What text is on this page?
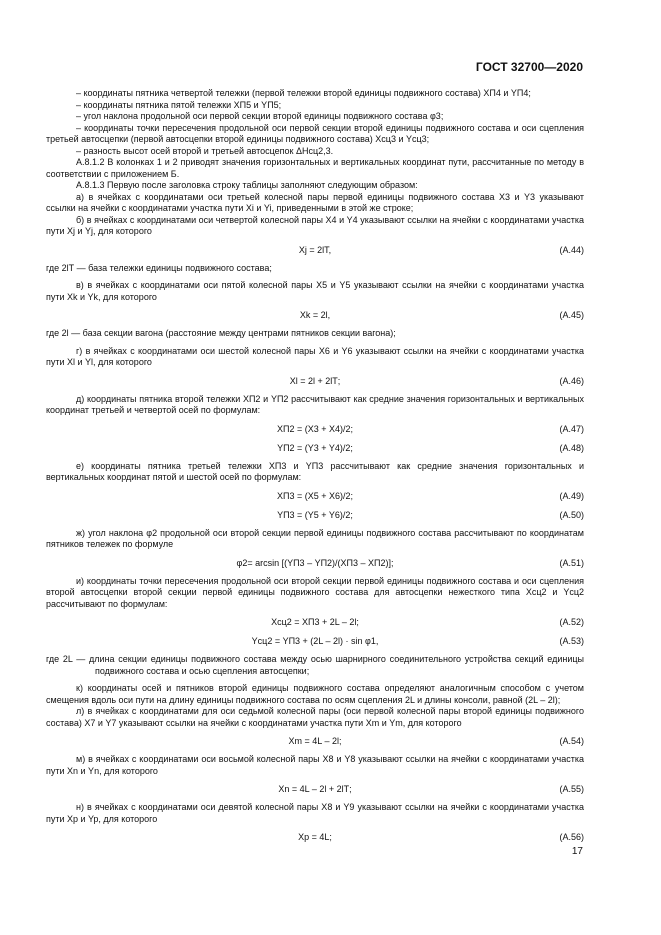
ГОСТ 32700—2020

– координаты пятника четвертой тележки (первой тележки второй единицы подвижного состава) XП4 и YП4;

– координаты пятника пятой тележки XП5 и YП5;

– угол наклона продольной оси первой секции второй единицы подвижного состава φ3;

– координаты точки пересечения продольной оси первой секции второй единицы подвижного состава и оси сцепления третьей автосцепки (первой автосцепки второй единицы подвижного состава) Xсц3 и Yсц3;

– разность высот осей второй и третьей автосцепок ΔHсц2,3.

А.8.1.2 В колонках 1 и 2 приводят значения горизонтальных и вертикальных координат пути, рассчитанные по методу в соответствии с приложением Б.

А.8.1.3 Первую после заголовка строку таблицы заполняют следующим образом:

а) в ячейках с координатами оси третьей колесной пары первой единицы подвижного состава X3 и Y3 указывают ссылки на ячейки с координатами участка пути Xi и Yi, приведенными в этой же строке;

б) в ячейках с координатами оси четвертой колесной пары X4 и Y4 указывают ссылки на ячейки с координатами участка пути Xj и Yj, для которого

Xj = 2lТ,	(А.44)

где 2lТ — база тележки единицы подвижного состава;

в) в ячейках с координатами оси пятой колесной пары X5 и Y5 указывают ссылки на ячейки с координатами участка пути Xk и Yk, для которого

Xk = 2l,	(А.45)

где 2l — база секции вагона (расстояние между центрами пятников секции вагона);

г) в ячейках с координатами оси шестой колесной пары X6 и Y6 указывают ссылки на ячейки с координатами участка пути Xl и Yl, для которого

Xl = 2l + 2lТ;	(А.46)

д) координаты пятника второй тележки XП2 и YП2 рассчитывают как средние значения горизонтальных и вертикальных координат третьей и четвертой осей по формулам:

XП2 = (X3 + X4)/2;	(А.47)
YП2 = (Y3 + Y4)/2;	(А.48)

е) координаты пятника третьей тележки XП3 и YП3 рассчитывают как средние значения горизонтальных и вертикальных координат пятой и шестой осей по формулам:

XП3 = (X5 + X6)/2;	(А.49)
YП3 = (Y5 + Y6)/2;	(А.50)

ж) угол наклона φ2 продольной оси второй секции первой единицы подвижного состава рассчитывают по координатам пятников тележек по формуле

φ2= arcsin [(YП3 – YП2)/(XП3 – XП2)];	(А.51)

и) координаты точки пересечения продольной оси второй секции первой единицы подвижного состава и оси сцепления второй автосцепки второй секции первой единицы подвижного состава для автосцепки нежесткого типа Xсц2 и Yсц2 рассчитывают по формулам:

Xсц2 = XП3 + 2L – 2l;	(А.52)
Yсц2 = YП3 + (2L – 2l) · sin φ1,	(А.53)

где 2L — длина секции единицы подвижного состава между осью шарнирного соединительного устройства секций единицы подвижного состава и осью сцепления автосцепки;

к) координаты осей и пятников второй единицы подвижного состава определяют аналогичным способом с учетом смещения вдоль оси пути на длину единицы подвижного состава по осям сцепления 2L и длины консоли, равной (2L – 2l);

л) в ячейках с координатами для оси седьмой колесной пары (оси первой колесной пары второй единицы подвижного состава) X7 и Y7 указывают ссылки на ячейки с координатами участка пути Xm и Ym, для которого

Xm = 4L – 2l;	(А.54)

м) в ячейках с координатами оси восьмой колесной пары X8 и Y8 указывают ссылки на ячейки с координатами участка пути Xn и Yn, для которого

Xn = 4L – 2l + 2lТ;	(А.55)

н) в ячейках с координатами оси девятой колесной пары X8 и Y9 указывают ссылки на ячейки с координатами участка пути Xp и Yp, для которого

Xp = 4L;	(А.56)
17
